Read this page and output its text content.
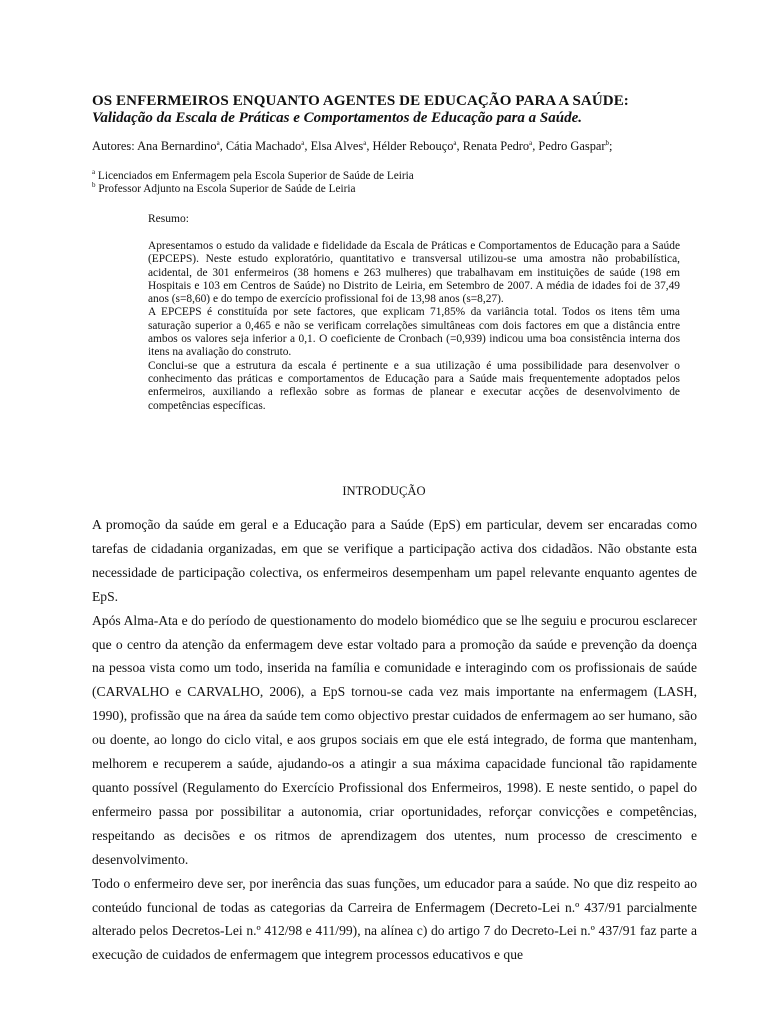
OS ENFERMEIROS ENQUANTO AGENTES DE EDUCAÇÃO PARA A SAÚDE:
Validação da Escala de Práticas e Comportamentos de Educação para a Saúde.
Autores: Ana Bernardino$^a$, Cátia Machado$^a$, Elsa Alves$^a$, Hélder Rebouço$^a$, Renata Pedro$^a$, Pedro Gaspar$^b$;
$^a$ Licenciados em Enfermagem pela Escola Superior de Saúde de Leiria
$^b$ Professor Adjunto na Escola Superior de Saúde de Leiria
Resumo:

Apresentamos o estudo da validade e fidelidade da Escala de Práticas e Comportamentos de Educação para a Saúde (EPCEPS). Neste estudo exploratório, quantitativo e transversal utilizou-se uma amostra não probabilística, acidental, de 301 enfermeiros (38 homens e 263 mulheres) que trabalhavam em instituições de saúde (198 em Hospitais e 103 em Centros de Saúde) no Distrito de Leiria, em Setembro de 2007. A média de idades foi de 37,49 anos (s=8,60) e do tempo de exercício profissional foi de 13,98 anos (s=8,27).

A EPCEPS é constituída por sete factores, que explicam 71,85% da variância total. Todos os itens têm uma saturação superior a 0,465 e não se verificam correlações simultâneas com dois factores em que a distância entre ambos os valores seja inferior a 0,1. O coeficiente de Cronbach (=0,939) indicou uma boa consistência interna dos itens na avaliação do construto.

Conclui-se que a estrutura da escala é pertinente e a sua utilização é uma possibilidade para desenvolver o conhecimento das práticas e comportamentos de Educação para a Saúde mais frequentemente adoptados pelos enfermeiros, auxiliando a reflexão sobre as formas de planear e executar acções de desenvolvimento de competências específicas.

INTRODUÇÃO

A promoção da saúde em geral e a Educação para a Saúde (EpS) em particular, devem ser encaradas como tarefas de cidadania organizadas, em que se verifique a participação activa dos cidadãos. Não obstante esta necessidade de participação colectiva, os enfermeiros desempenham um papel relevante enquanto agentes de EpS.

Após Alma-Ata e do período de questionamento do modelo biomédico que se lhe seguiu e procurou esclarecer que o centro da atenção da enfermagem deve estar voltado para a promoção da saúde e prevenção da doença na pessoa vista como um todo, inserida na família e comunidade e interagindo com os profissionais de saúde (CARVALHO e CARVALHO, 2006), a EpS tornou-se cada vez mais importante na enfermagem (LASH, 1990), profissão que na área da saúde tem como objectivo prestar cuidados de enfermagem ao ser humano, são ou doente, ao longo do ciclo vital, e aos grupos sociais em que ele está integrado, de forma que mantenham, melhorem e recuperem a saúde, ajudando-os a atingir a sua máxima capacidade funcional tão rapidamente quanto possível (Regulamento do Exercício Profissional dos Enfermeiros, 1998). E neste sentido, o papel do enfermeiro passa por possibilitar a autonomia, criar oportunidades, reforçar convicções e competências, respeitando as decisões e os ritmos de aprendizagem dos utentes, num processo de crescimento e desenvolvimento.

Todo o enfermeiro deve ser, por inerência das suas funções, um educador para a saúde. No que diz respeito ao conteúdo funcional de todas as categorias da Carreira de Enfermagem (Decreto-Lei n.º 437/91 parcialmente alterado pelos Decretos-Lei n.º 412/98 e 411/99), na alínea c) do artigo 7 do Decreto-Lei n.º 437/91 faz parte a execução de cuidados de enfermagem que integrem processos educativos e que
